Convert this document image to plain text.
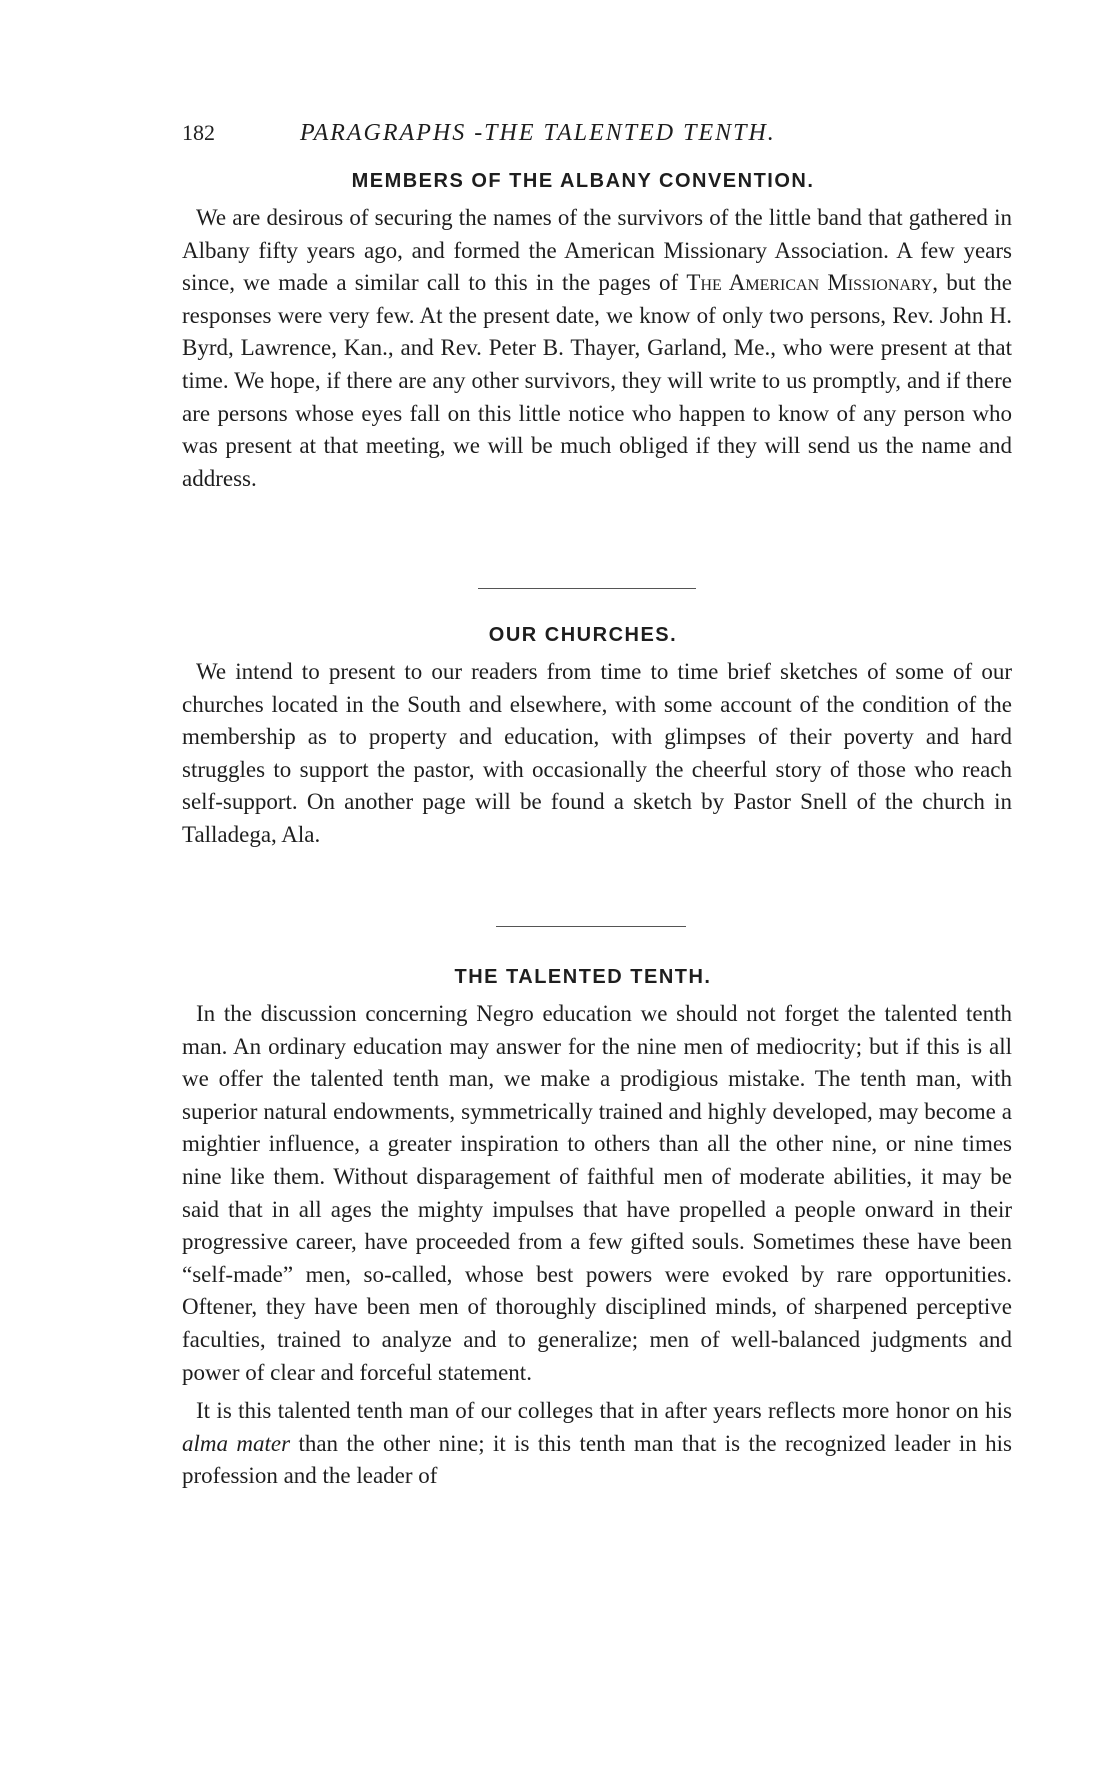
182	PARAGRAPHS -THE TALENTED TENTH.
MEMBERS OF THE ALBANY CONVENTION.

We are desirous of securing the names of the survivors of the little band that gathered in Albany fifty years ago, and formed the American Missionary Association. A few years since, we made a similar call to this in the pages of The American Missionary, but the responses were very few. At the present date, we know of only two persons, Rev. John H. Byrd, Lawrence, Kan., and Rev. Peter B. Thayer, Garland, Me., who were present at that time. We hope, if there are any other survivors, they will write to us promptly, and if there are persons whose eyes fall on this little notice who happen to know of any person who was present at that meeting, we will be much obliged if they will send us the name and address.

OUR CHURCHES.

We intend to present to our readers from time to time brief sketches of some of our churches located in the South and elsewhere, with some account of the condition of the membership as to property and education, with glimpses of their poverty and hard struggles to support the pastor, with occasionally the cheerful story of those who reach self-support. On another page will be found a sketch by Pastor Snell of the church in Talladega, Ala.

THE TALENTED TENTH.

In the discussion concerning Negro education we should not forget the talented tenth man. An ordinary education may answer for the nine men of mediocrity; but if this is all we offer the talented tenth man, we make a prodigious mistake. The tenth man, with superior natural endowments, symmetrically trained and highly developed, may become a mightier influence, a greater inspiration to others than all the other nine, or nine times nine like them. Without disparagement of faithful men of moderate abilities, it may be said that in all ages the mighty impulses that have propelled a people onward in their progressive career, have proceeded from a few gifted souls. Sometimes these have been “self-made” men, so-called, whose best powers were evoked by rare opportunities. Oftener, they have been men of thoroughly disciplined minds, of sharpened perceptive faculties, trained to analyze and to generalize; men of well-balanced judgments and power of clear and forceful statement.

It is this talented tenth man of our colleges that in after years reflects more honor on his alma mater than the other nine; it is this tenth man that is the recognized leader in his profession and the leader of
